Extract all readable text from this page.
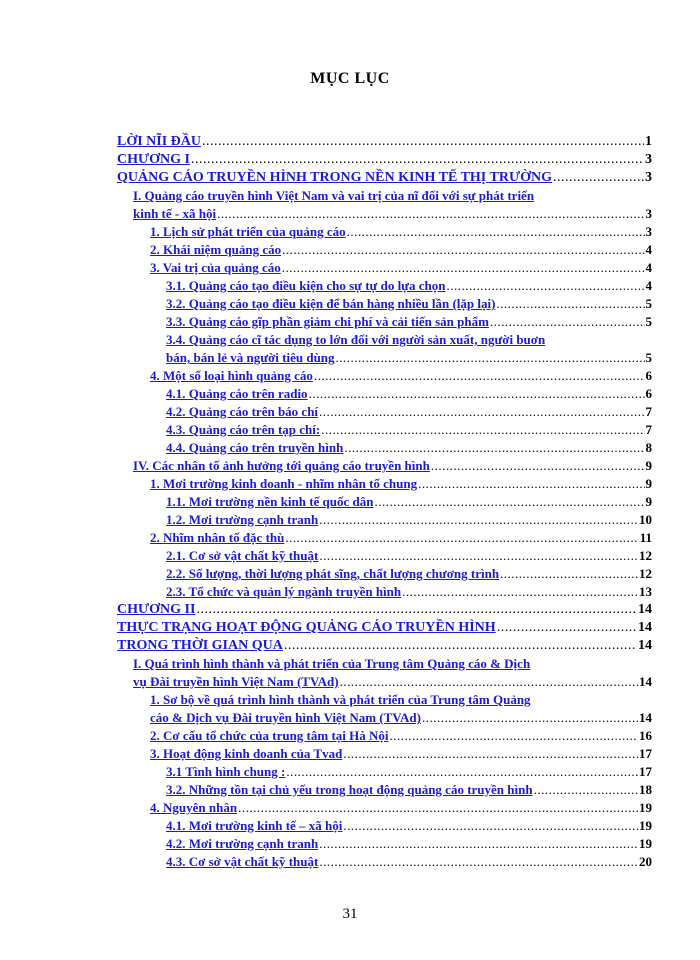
MỤC LỤC
LỜI NĨI ĐẦU .....	1
CHƯƠNG I .....	3
QUẢNG CÁO TRUYỀN HÌNH TRONG NỀN KINH TẾ THỊ TRƯỜNG .....	3
I. Quảng cáo truyền hình Việt Nam và vai trị của nĩ đối với sự phát triển
kinh tế - xã hội .....	3
1. Lịch sử phát triển của quảng cáo .....	3
2. Khái niệm quảng cáo .....	4
3. Vai trị của quảng cáo .....	4
3.1. Quảng cáo tạo điều kiện cho sự tự do lựa chọn .....	4
3.2. Quảng cáo tạo điều kiện để bán hàng nhiều lần (lặp lại) .....	5
3.3. Quảng cáo gĩp phần giảm chi phí và cải tiến sản phẩm .....	5
3.4. Quảng cáo cĩ tác dụng to lớn đối với người sản xuất, người buơn
bán, bán lẻ và người tiêu dùng .....	5
4. Một số loại hình quảng cáo .....	6
4.1. Quảng cáo trên radio .....	6
4.2. Quảng cáo trên báo chí .....	7
4.3. Quảng cáo trên tạp chí: .....	7
4.4. Quảng cáo trên truyền hình .....	8
IV. Các nhân tố ảnh hưởng tới quảng cáo truyền hình .....	9
1. Mơi trường kinh doanh - nhĩm nhân tố chung .....	9
1.1. Mơi trường nền kinh tế quốc dân .....	9
1.2. Mơi trường cạnh tranh .....	10
2. Nhĩm nhân tố đặc thù .....	11
2.1. Cơ sở vật chất kỹ thuật .....	12
2.2. Số lượng, thời lượng phát sĩng, chất lượng chương trình .....	12
2.3. Tổ chức và quản lý ngành truyền hình .....	13
CHƯƠNG II .....	14
THỰC TRẠNG HOẠT ĐỘNG QUẢNG CÁO TRUYỀN HÌNH .....	14
TRONG THỜI GIAN QUA .....	14
I. Quá trình hình thành và phát triển của Trung tâm Quảng cáo & Dịch
vụ Đài truyền hình Việt Nam (TVAd) .....	14
1. Sơ bộ về quá trình hình thành và phát triển của Trung tâm Quảng
cáo & Dịch vụ Đài truyền hình Việt Nam (TVAd) .....	14
2. Cơ cấu tổ chức của trung tâm tại Hà Nội .....	16
3. Hoạt động kinh doanh của Tvad .....	17
3.1 Tình hình chung : .....	17
3.2. Những tồn tại chủ yếu trong hoạt động quảng cáo truyền hình .....	18
4. Nguyên nhân .....	19
4.1. Mơi trường kinh tế – xã hội .....	19
4.2. Mơi trường cạnh tranh .....	19
4.3. Cơ sở vật chất kỹ thuật .....	20
31
